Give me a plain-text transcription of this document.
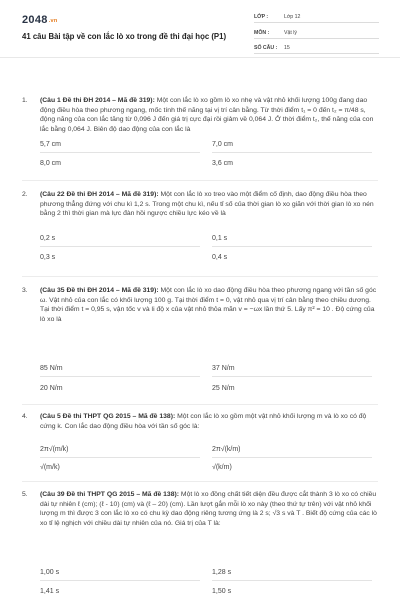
2048.vn
41 câu Bài tập về con lắc lò xo trong đề thi đại học (P1)
LỚP :	Lớp 12
MÔN :	Vật lý
SỐ CÂU : 15
1. (Câu 1 Đề thi ĐH 2014 – Mã đề 319): Một con lắc lò xo gồm lò xo nhẹ và vật nhỏ khối lượng 100g đang dao động điều hòa theo phương ngang, mốc tính thế năng tại vị trí cân bằng. Từ thời điểm t₁ = 0 đến t₂ = π/48 s, động năng của con lắc tăng từ 0,096 J đến giá trị cực đại rồi giảm về 0,064 J. Ở thời điểm t₂, thế năng của con lắc bằng 0,064 J. Biên độ dao động của con lắc là
5,7 cm	7,0 cm
8,0 cm	3,6 cm
2. (Câu 22 Đề thi ĐH 2014 – Mã đề 319): Một con lắc lò xo treo vào một điểm cố định, dao động điều hòa theo phương thẳng đứng với chu kì 1,2 s. Trong một chu kì, nếu tỉ số của thời gian lò xo giãn với thời gian lò xo nén bằng 2 thì thời gian mà lực đàn hồi ngược chiều lực kéo về là
0,2 s	0,1 s
0,3 s	0,4 s
3. (Câu 35 Đề thi ĐH 2014 – Mã đề 319): Một con lắc lò xo dao động điều hòa theo phương ngang với tần số góc ω. Vật nhỏ của con lắc có khối lượng 100 g. Tại thời điểm t = 0, vật nhỏ qua vị trí cân bằng theo chiều dương. Tại thời điểm t = 0,95 s, vận tốc v và li độ x của vật nhỏ thỏa mãn v = −ωx lần thứ 5. Lấy π² = 10 . Độ cứng của lò xo là
85 N/m	37 N/m
20 N/m	25 N/m
4. (Câu 5 Đề thi THPT QG 2015 – Mã đề 138): Một con lắc lò xo gồm một vật nhỏ khối lượng m và lò xo có độ cứng k. Con lắc dao động điều hòa với tần số góc là:
2π√(m/k)	2π√(k/m)
√(m/k)	√(k/m)
5. (Câu 39 Đề thi THPT QG 2015 – Mã đề 138): Một lò xo đồng chất tiết diện đều được cắt thành 3 lò xo có chiều dài tự nhiên ℓ (cm); (ℓ - 10) (cm) và (ℓ – 20) (cm). Lần lượt gắn mỗi lò xo này (theo thứ tự trên) với vật nhỏ khối lượng m thì được 3 con lắc lò xo có chu kỳ dao động riêng tương ứng là 2 s; √3 s và T . Biết độ cứng của các lò xo tỉ lệ nghịch với chiều dài tự nhiên của nó. Giá trị của T là:
1,00 s	1,28 s
1,41 s	1,50 s
